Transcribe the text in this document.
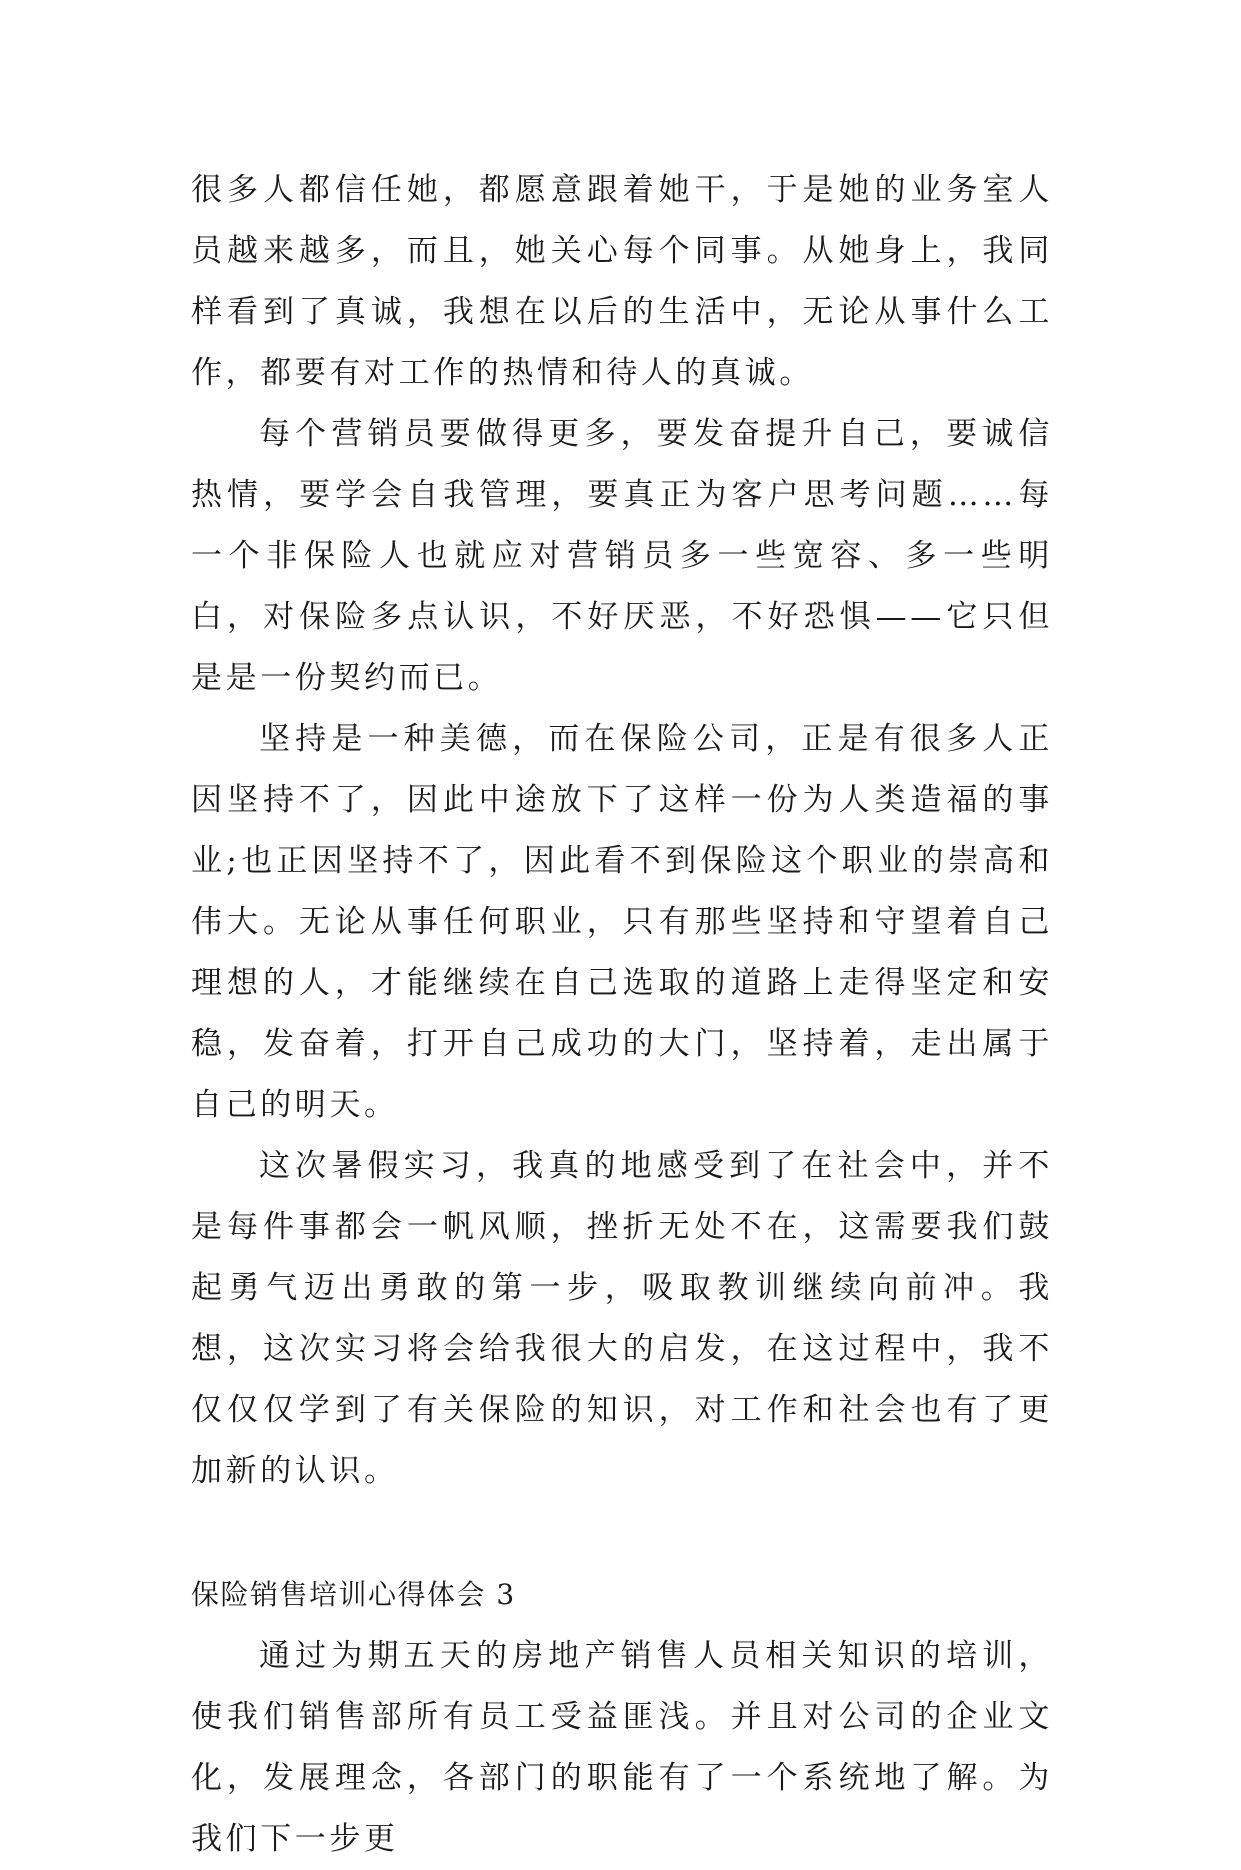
很多人都信任她，都愿意跟着她干，于是她的业务室人员越来越多，而且，她关心每个同事。从她身上，我同样看到了真诚，我想在以后的生活中，无论从事什么工作，都要有对工作的热情和待人的真诚。

每个营销员要做得更多，要发奋提升自己，要诚信热情，要学会自我管理，要真正为客户思考问题……每一个非保险人也就应对营销员多一些宽容、多一些明白，对保险多点认识，不好厌恶，不好恐惧——它只但是是一份契约而已。

坚持是一种美德，而在保险公司，正是有很多人正因坚持不了，因此中途放下了这样一份为人类造福的事业;也正因坚持不了，因此看不到保险这个职业的崇高和伟大。无论从事任何职业，只有那些坚持和守望着自己理想的人，才能继续在自己选取的道路上走得坚定和安稳，发奋着，打开自己成功的大门，坚持着，走出属于自己的明天。

这次暑假实习，我真的地感受到了在社会中，并不是每件事都会一帆风顺，挫折无处不在，这需要我们鼓起勇气迈出勇敢的第一步，吸取教训继续向前冲。我想，这次实习将会给我很大的启发，在这过程中，我不仅仅仅学到了有关保险的知识，对工作和社会也有了更加新的认识。

保险销售培训心得体会 3

通过为期五天的房地产销售人员相关知识的培训，使我们销售部所有员工受益匪浅。并且对公司的企业文化，发展理念，各部门的职能有了一个系统地了解。为我们下一步更
